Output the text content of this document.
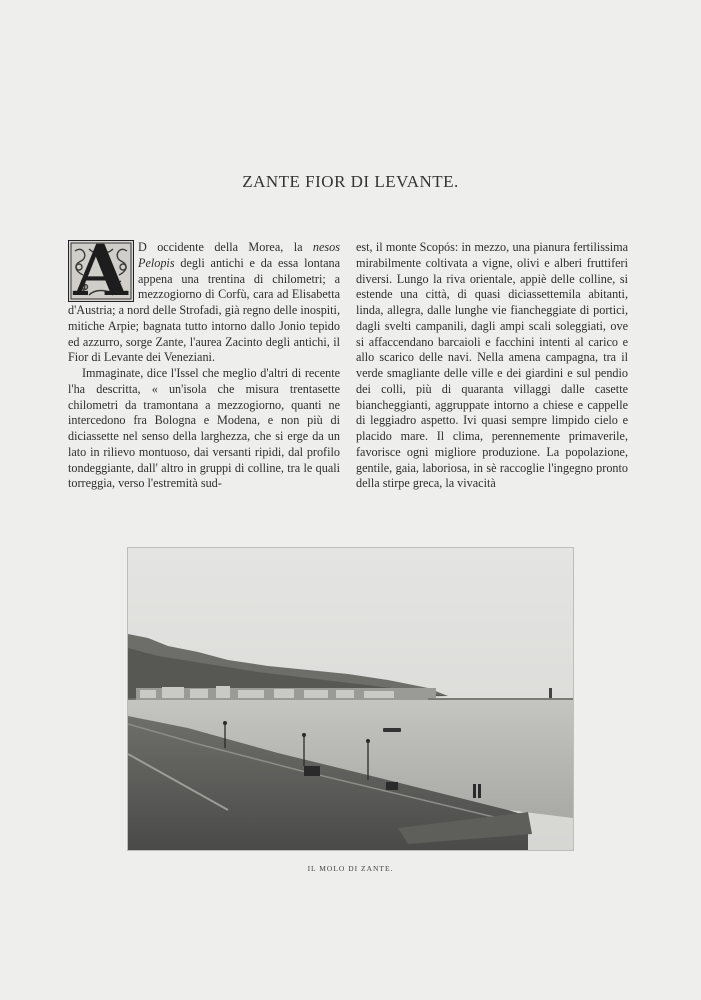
ZANTE FIOR DI LEVANTE.

A D occidente della Morea, la nesos Pelopis degli antichi e da essa lontana appena una trentina di chilometri; a mezzogiorno di Corfù, cara ad Elisabetta d'Austria; a nord delle Strofadi, già regno delle inospiti, mitiche Arpie; bagnata tutto intorno dallo Jonio tepido ed azzurro, sorge Zante, l'aurea Zacinto degli antichi, il Fior di Levante dei Veneziani.

Immaginate, dice l'Issel che meglio d'altri di recente l'ha descritta, « un'isola che misura trentasette chilometri da tramontana a mezzogiorno, quanti ne intercedono fra Bologna e Modena, e non più di diciassette nel senso della larghezza, che si erge da un lato in rilievo montuoso, dai versanti ripidi, dal profilo tondeggiante, dall' altro in gruppi di colline, tra le quali torreggia, verso l'estremità sud-

est, il monte Scopós: in mezzo, una pianura fertilissima mirabilmente coltivata a vigne, olivi e alberi fruttiferi diversi. Lungo la riva orientale, appiè delle colline, si estende una città, di quasi diciassettemila abitanti, linda, allegra, dalle lunghe vie fiancheggiate di portici, dagli svelti campanili, dagli ampi scali soleggiati, ove si affaccendano barcaioli e facchini intenti al carico e allo scarico delle navi. Nella amena campagna, tra il verde smagliante delle ville e dei giardini e sul pendio dei colli, più di quaranta villaggi dalle casette biancheggianti, aggruppate intorno a chiese e cappelle di leggiadro aspetto. Ivi quasi sempre limpido cielo e placido mare. Il clima, perennemente primaverile, favorisce ogni migliore produzione. La popolazione, gentile, gaia, laboriosa, in sè raccoglie l'ingegno pronto della stirpe greca, la vivacità

IL MOLO DI ZANTE.
